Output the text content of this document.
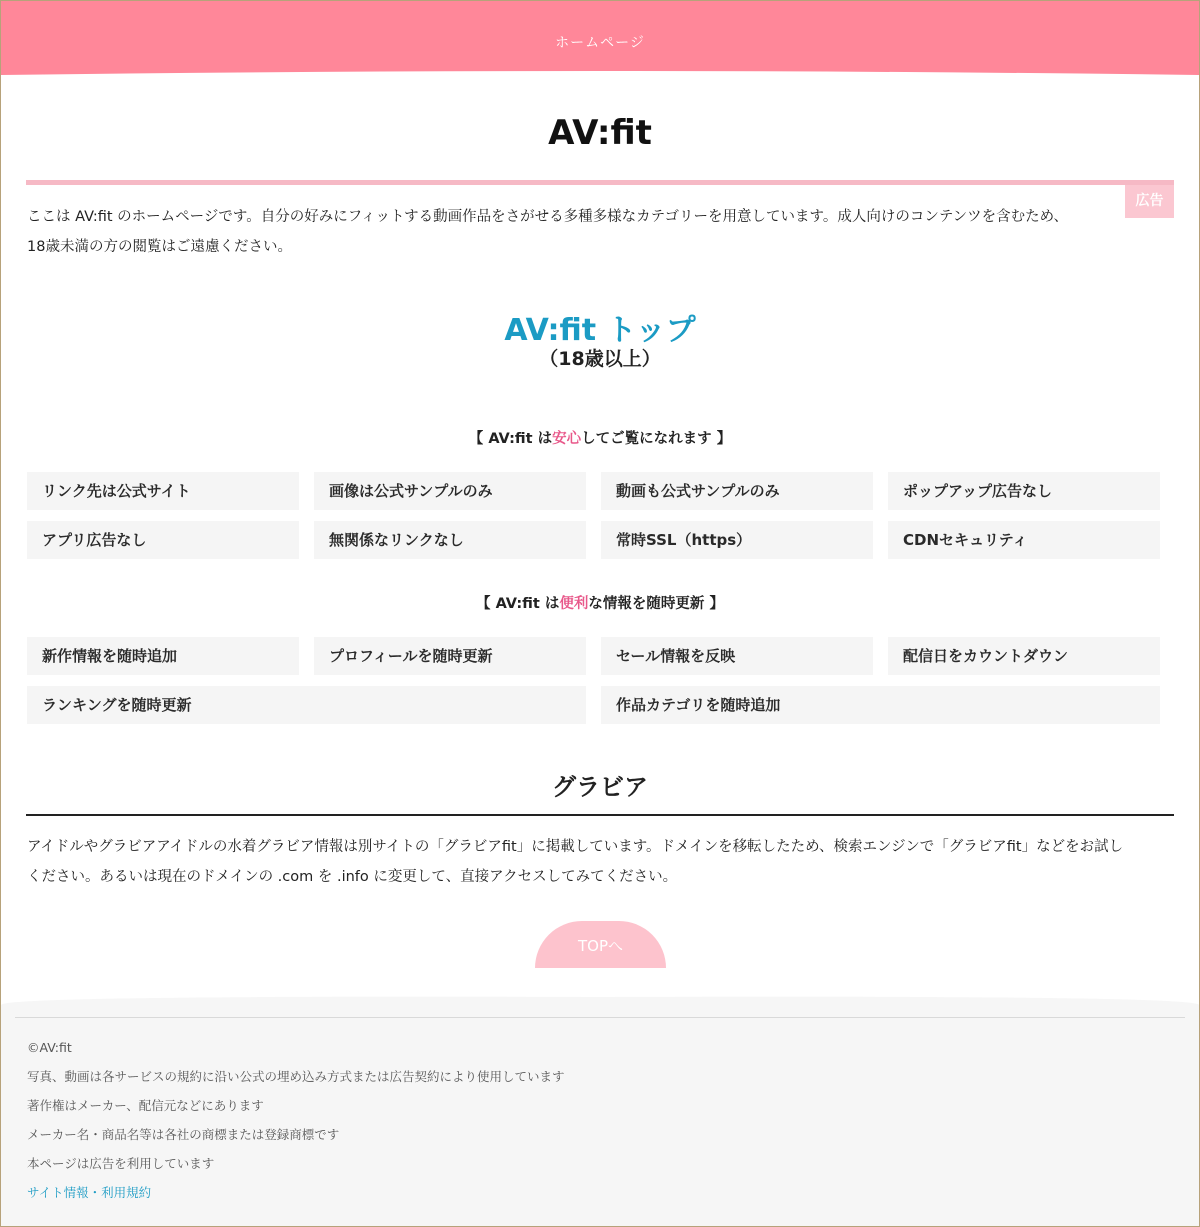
ホームページ
AV:fit
広告
ここは AV:fit のホームページです。自分の好みにフィットする動画作品をさがせる多種多様なカテゴリーを用意しています。成人向けのコンテンツを含むため、
18歳未満の方の閲覧はご遠慮ください。
AV:fit トップ
（18歳以上）
【 AV:fit は安心してご覧になれます 】
リンク先は公式サイト	画像は公式サンプルのみ	動画も公式サンプルのみ	ポップアップ広告なし
アプリ広告なし	無関係なリンクなし	常時SSL（https）	CDNセキュリティ
【 AV:fit は便利な情報を随時更新 】
新作情報を随時追加	プロフィールを随時更新	セール情報を反映	配信日をカウントダウン
ランキングを随時更新	作品カテゴリを随時追加
グラビア
アイドルやグラビアアイドルの水着グラビア情報は別サイトの「グラビアfit」に掲載しています。ドメインを移転したため、検索エンジンで「グラビアfit」などをお試し
ください。あるいは現在のドメインの .com を .info に変更して、直接アクセスしてみてください。
TOPへ
©AV:fit
写真、動画は各サービスの規約に沿い公式の埋め込み方式または広告契約により使用しています
著作権はメーカー、配信元などにあります
メーカー名・商品名等は各社の商標または登録商標です
本ページは広告を利用しています
サイト情報・利用規約
